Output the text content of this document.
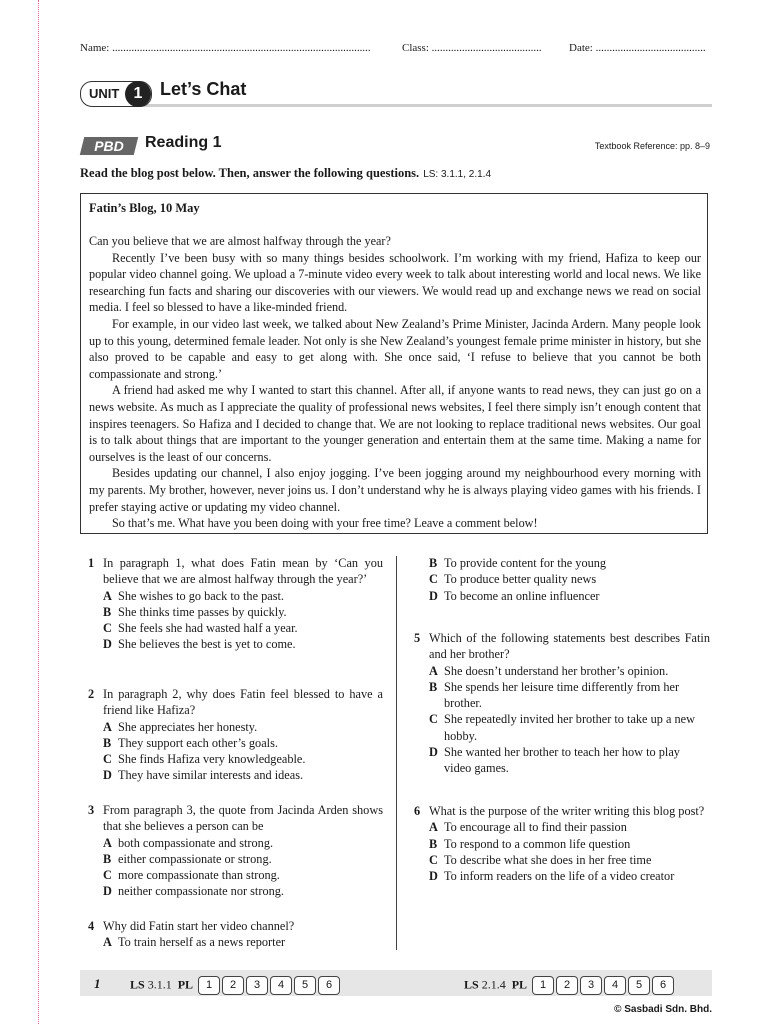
Name: ..............................................................................................	Class: ........................................ Date: ........................................
UNIT 1 Let’s Chat
PBD	Reading 1	Textbook Reference: pp. 8–9
Read the blog post below. Then, answer the following questions. LS: 3.1.1, 2.1.4
Fatin’s Blog, 10 May

Can you believe that we are almost halfway through the year?

Recently I’ve been busy with so many things besides schoolwork. I’m working with my friend, Hafiza to keep our popular video channel going. We upload a 7-minute video every week to talk about interesting world and local news. We like researching fun facts and sharing our discoveries with our viewers. We would read up and exchange news we read on social media. I feel so blessed to have a like-minded friend.

For example, in our video last week, we talked about New Zealand’s Prime Minister, Jacinda Ardern. Many people look up to this young, determined female leader. Not only is she New Zealand’s youngest female prime minister in history, but she also proved to be capable and easy to get along with. She once said, ‘I refuse to believe that you cannot be both compassionate and strong.’

A friend had asked me why I wanted to start this channel. After all, if anyone wants to read news, they can just go on a news website. As much as I appreciate the quality of professional news websites, I feel there simply isn’t enough content that inspires teenagers. So Hafiza and I decided to change that. We are not looking to replace traditional news websites. Our goal is to talk about things that are important to the younger generation and entertain them at the same time. Making a name for ourselves is the least of our concerns.

Besides updating our channel, I also enjoy jogging. I’ve been jogging around my neighbourhood every morning with my parents. My brother, however, never joins us. I don’t understand why he is always playing video games with his friends. I prefer staying active or updating my video channel.

So that’s me. What have you been doing with your free time? Leave a comment below!

1 In paragraph 1, what does Fatin mean by ‘Can you believe that we are almost halfway through the year?’
A She wishes to go back to the past.
B She thinks time passes by quickly.
C She feels she had wasted half a year.
D She believes the best is yet to come.
2 In paragraph 2, why does Fatin feel blessed to have a friend like Hafiza?
A She appreciates her honesty.
B They support each other’s goals.
C She finds Hafiza very knowledgeable.
D They have similar interests and ideas.
3 From paragraph 3, the quote from Jacinda Arden shows that she believes a person can be
A both compassionate and strong.
B either compassionate or strong.
C more compassionate than strong.
D neither compassionate nor strong.
4 Why did Fatin start her video channel?
A To train herself as a news reporter
B To provide content for the young
C To produce better quality news
D To become an online influencer
5 Which of the following statements best describes Fatin and her brother?
A She doesn’t understand her brother’s opinion.
B She spends her leisure time differently from her brother.
C She repeatedly invited her brother to take up a new hobby.
D She wanted her brother to teach her how to play video games.
6 What is the purpose of the writer writing this blog post?
A To encourage all to find their passion
B To respond to a common life question
C To describe what she does in her free time
D To inform readers on the life of a video creator
1 LS 3.1.1 PL 1 2 3 4 5 6	LS 2.1.4 PL 1 2 3 4 5 6
© Sasbadi Sdn. Bhd.
